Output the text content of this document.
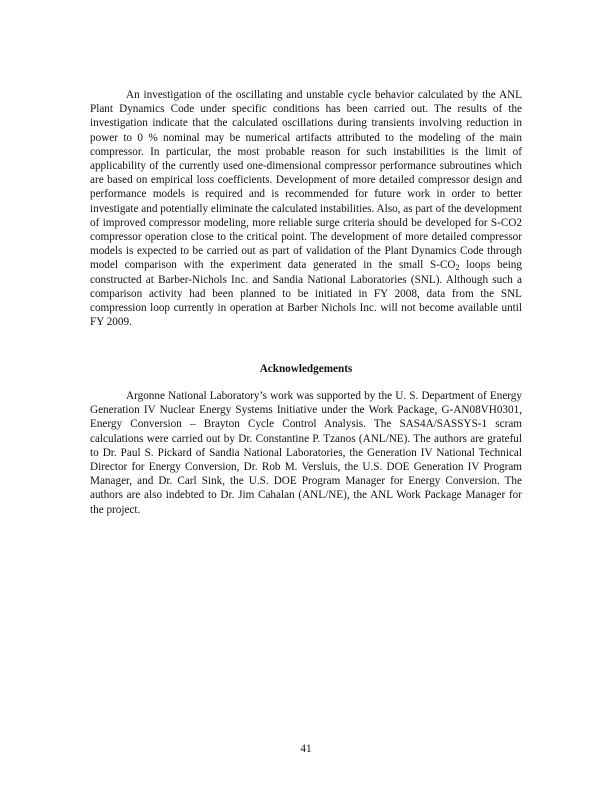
An investigation of the oscillating and unstable cycle behavior calculated by the ANL Plant Dynamics Code under specific conditions has been carried out. The results of the investigation indicate that the calculated oscillations during transients involving reduction in power to 0 % nominal may be numerical artifacts attributed to the modeling of the main compressor. In particular, the most probable reason for such instabilities is the limit of applicability of the currently used one-dimensional compressor performance subroutines which are based on empirical loss coefficients. Development of more detailed compressor design and performance models is required and is recommended for future work in order to better investigate and potentially eliminate the calculated instabilities. Also, as part of the development of improved compressor modeling, more reliable surge criteria should be developed for S-CO2 compressor operation close to the critical point. The development of more detailed compressor models is expected to be carried out as part of validation of the Plant Dynamics Code through model comparison with the experiment data generated in the small $S-CO_2$ loops being constructed at Barber-Nichols Inc. and Sandia National Laboratories (SNL). Although such a comparison activity had been planned to be initiated in FY 2008, data from the SNL compression loop currently in operation at Barber Nichols Inc. will not become available until FY 2009.

Acknowledgements

Argonne National Laboratory’s work was supported by the U. S. Department of Energy Generation IV Nuclear Energy Systems Initiative under the Work Package, G-AN08VH0301, Energy Conversion – Brayton Cycle Control Analysis. The SAS4A/SASSYS-1 scram calculations were carried out by Dr. Constantine P. Tzanos (ANL/NE). The authors are grateful to Dr. Paul S. Pickard of Sandia National Laboratories, the Generation IV National Technical Director for Energy Conversion, Dr. Rob M. Versluis, the U.S. DOE Generation IV Program Manager, and Dr. Carl Sink, the U.S. DOE Program Manager for Energy Conversion. The authors are also indebted to Dr. Jim Cahalan (ANL/NE), the ANL Work Package Manager for the project.

41
